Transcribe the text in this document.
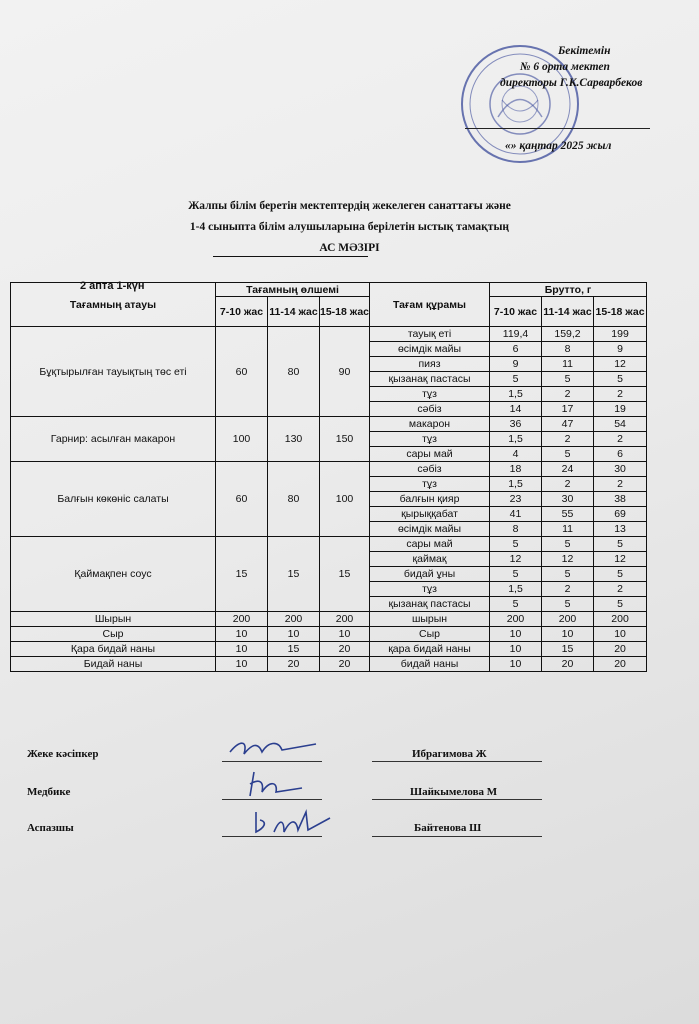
Бекітемін
№ 6 орта мектеп
директоры Г.К.Сарварбеков
«» қаңтар 2025 жыл
Жалпы білім беретін мектептердің жекелеген санаттағы және
1-4 сыныпта білім алушыларына берілетін ыстық тамақтың
АС МӘЗІРІ
2 апта 1-күн
Тағамның атауы	Тағамның өлшемі			Тағам құрамы	Брутто, г		
	7-10 жас	11-14 жас	15-18 жас		7-10 жас	11-14 жас	15-18 жас
Бұқтырылған тауықтың төс еті	60	80	90	тауық еті	119,4	159,2	199
				өсімдік майы	6	8	9
				пияз	9	11	12
				қызанақ пастасы	5	5	5
				тұз	1,5	2	2
				сәбіз	14	17	19
Гарнир: асылған макарон	100	130	150	макарон	36	47	54
				тұз	1,5	2	2
				сары май	4	5	6
Балғын көкөніс салаты	60	80	100	сәбіз	18	24	30
				тұз	1,5	2	2
				балғын қияр	23	30	38
				қырыққабат	41	55	69
				өсімдік майы	8	11	13
Қаймақпен соус	15	15	15	сары май	5	5	5
				қаймақ	12	12	12
				бидай ұны	5	5	5
				тұз	1,5	2	2
				қызанақ пастасы	5	5	5
Шырын	200	200	200	шырын	200	200	200
Сыр	10	10	10	Сыр	10	10	10
Қара бидай наны	10	15	20	қара бидай наны	10	15	20
Бидай наны	10	20	20	бидай наны	10	20	20
Жеке кәсіпкер	Ибрагимова Ж
Медбике	Шайкымелова М
Аспазшы	Байтенова Ш
